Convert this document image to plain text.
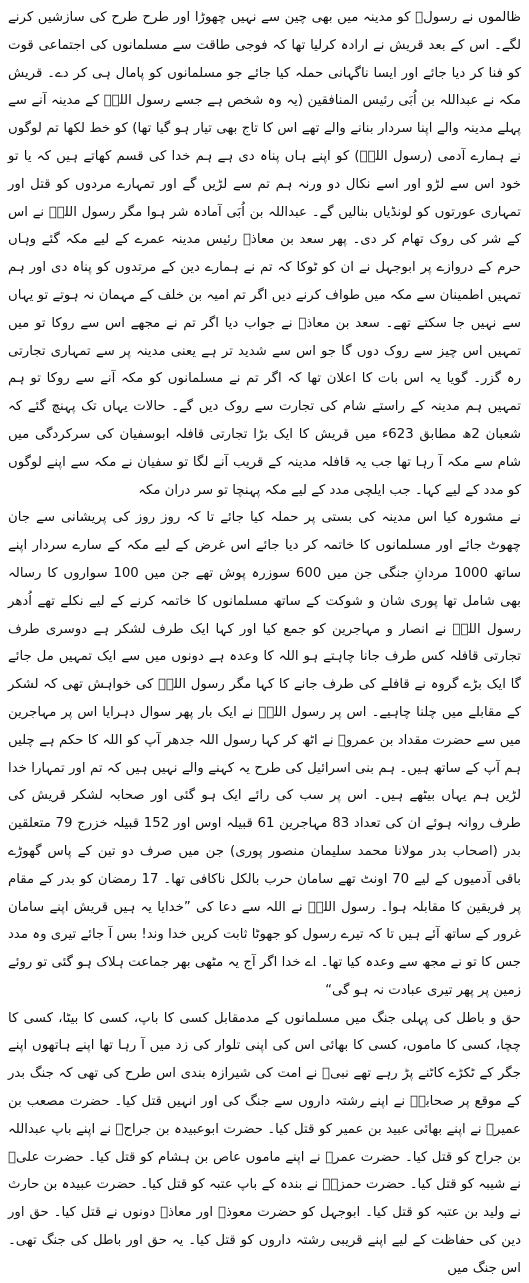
ظالموں نے رسولؐ کو مدینہ میں بھی چین سے نہیں چھوڑا اور طرح طرح کی سازشیں کرنے لگے۔ اس کے بعد قریش نے ارادہ کرلیا تھا کہ فوجی طاقت سے مسلمانوں کی اجتماعی قوت کو فنا کر دیا جائے اور ایسا ناگہانی حملہ کیا جائے جو مسلمانوں کو پامال ہی کر دے۔ قریش مکہ نے عبداللہ بن اُبَی رئیس المنافقین (یہ وہ شخص ہے جسے رسول اللہؐ کے مدینہ آنے سے پہلے مدینہ والے اپنا سردار بنانے والے تھے اس کا تاج بھی تیار ہو گیا تھا) کو خط لکھا تم لوگوں نے ہمارے آدمی (رسول اللہؐ) کو اپنے ہاں پناہ دی ہے ہم خدا کی قسم کھاتے ہیں کہ یا تو خود اس سے لڑو اور اسے نکال دو ورنہ ہم تم سے لڑیں گے اور تمہارے مردوں کو قتل اور تمہاری عورتوں کو لونڈیاں بنالیں گے۔ عبداللہ بن اُبَی آمادہ شر ہوا مگر رسول اللہؐ نے اس کے شر کی روک تھام کر دی۔ پھر سعد بن معاذؓ رئیس مدینہ عمرے کے لیے مکہ گئے وہاں حرم کے دروازے پر ابوجہل نے ان کو ٹوکا کہ تم نے ہمارے دین کے مرتدوں کو پناہ دی اور ہم تمہیں اطمینان سے مکہ میں طواف کرنے دیں اگر تم امیہ بن خلف کے مہمان نہ ہوتے تو یہاں سے نہیں جا سکتے تھے۔ سعد بن معاذؓ نے جواب دیا اگر تم نے مجھے اس سے روکا تو میں تمہیں اس چیز سے روک دوں گا جو اس سے شدید تر ہے یعنی مدینہ پر سے تمہاری تجارتی رہ گزر۔ گویا یہ اس بات کا اعلان تھا کہ اگر تم نے مسلمانوں کو مکہ آنے سے روکا تو ہم تمہیں ہم مدینہ کے راستے شام کی تجارت سے روک دیں گے۔ حالات یہاں تک پہنچ گئے کہ شعبان 2ھ مطابق 623ء میں قریش کا ایک بڑا تجارتی قافلہ ابوسفیان کی سرکردگی میں شام سے مکہ آ رہا تھا جب یہ قافلہ مدینہ کے قریب آنے لگا تو سفیان نے مکہ سے اپنے لوگوں کو مدد کے لیے کہا۔ جب ایلچی مدد کے لیے مکہ پہنچا تو سر دران مکہ

نے مشورہ کیا اس مدینہ کی بستی پر حملہ کیا جائے تا کہ روز روز کی پریشانی سے جان چھوٹ جائے اور مسلمانوں کا خاتمہ کر دیا جائے اس غرض کے لیے مکہ کے سارے سردار اپنے ساتھ 1000 مردانِ جنگی جن میں 600 سوزرہ پوش تھے جن میں 100 سواروں کا رسالہ بھی شامل تھا پوری شان و شوکت کے ساتھ مسلمانوں کا خاتمہ کرنے کے لیے نکلے تھے اُدھر رسول اللہؐ نے انصار و مہاجرین کو جمع کیا اور کہا ایک طرف لشکر ہے دوسری طرف تجارتی قافلہ کس طرف جانا چاہتے ہو اللہ کا وعدہ ہے دونوں میں سے ایک تمہیں مل جائے گا ایک بڑے گروہ نے قافلے کی طرف جانے کا کہا مگر رسول اللہؐ کی خواہش تھی کہ لشکر کے مقابلے میں چلنا چاہیے۔ اس پر رسول اللہؐ نے ایک بار پھر سوال دہرایا اس پر مہاجرین میں سے حضرت مقداد بن عمروؓ نے اٹھ کر کہا رسول اللہ جدھر آپ کو اللہ کا حکم ہے چلیں ہم آپ کے ساتھ ہیں۔ ہم بنی اسرائیل کی طرح یہ کہنے والے نہیں ہیں کہ تم اور تمہارا خدا لڑیں ہم یہاں بیٹھے ہیں۔ اس پر سب کی رائے ایک ہو گئی اور صحابہ لشکر قریش کی طرف روانہ ہوئے ان کی تعداد 83 مہاجرین 61 قبیلہ اوس اور 152 قبیلہ خزرج 79 متعلقین بدر (اصحاب بدر مولانا محمد سلیمان منصور پوری) جن میں صرف دو تین کے پاس گھوڑے باقی آدمیوں کے لیے 70 اونٹ تھے سامان حرب بالکل ناکافی تھا۔ 17 رمضان کو بدر کے مقام پر فریقین کا مقابلہ ہوا۔ رسول اللہؐ نے اللہ سے دعا کی ”خدایا یہ ہیں قریش اپنے سامان غرور کے ساتھ آئے ہیں تا کہ تیرے رسول کو جھوٹا ثابت کریں خدا وند! بس آ جائے تیری وہ مدد جس کا تو نے مجھ سے وعدہ کیا تھا۔ اے خدا اگر آج یہ مٹھی بھر جماعت ہلاک ہو گئی تو روئے زمین پر پھر تیری عبادت نہ ہو گی“

حق و باطل کی پہلی جنگ میں مسلمانوں کے مدمقابل کسی کا باپ، کسی کا بیٹا، کسی کا چچا، کسی کا ماموں، کسی کا بھائی اس کی اپنی تلوار کی زد میں آ رہا تھا اپنے ہاتھوں اپنے جگر کے ٹکڑے کاٹنے پڑ رہے تھے نبیؐ نے امت کی شیرازہ بندی اس طرح کی تھی کہ جنگ بدر کے موقع پر صحابہؓ نے اپنے رشتہ داروں سے جنگ کی اور انہیں قتل کیا۔ حضرت مصعب بن عمیرؓ نے اپنے بھائی عبید بن عمیر کو قتل کیا۔ حضرت ابوعبیدہ بن جراحؓ نے اپنے باپ عبداللہ بن جراح کو قتل کیا۔ حضرت عمرؓ نے اپنے ماموں عاص بن ہشام کو قتل کیا۔ حضرت علیؓ نے شیبہ کو قتل کیا۔ حضرت حمزہؓ نے بندہ کے باپ عتبہ کو قتل کیا۔ حضرت عبیدہ بن حارث نے ولید بن عتبہ کو قتل کیا۔ ابوجہل کو حضرت معوذؓ اور معاذؓ دونوں نے قتل کیا۔ حق اور دین کی حفاظت کے لیے اپنے قریبی رشتہ داروں کو قتل کیا۔ یہ حق اور باطل کی جنگ تھی۔ اس جنگ میں
